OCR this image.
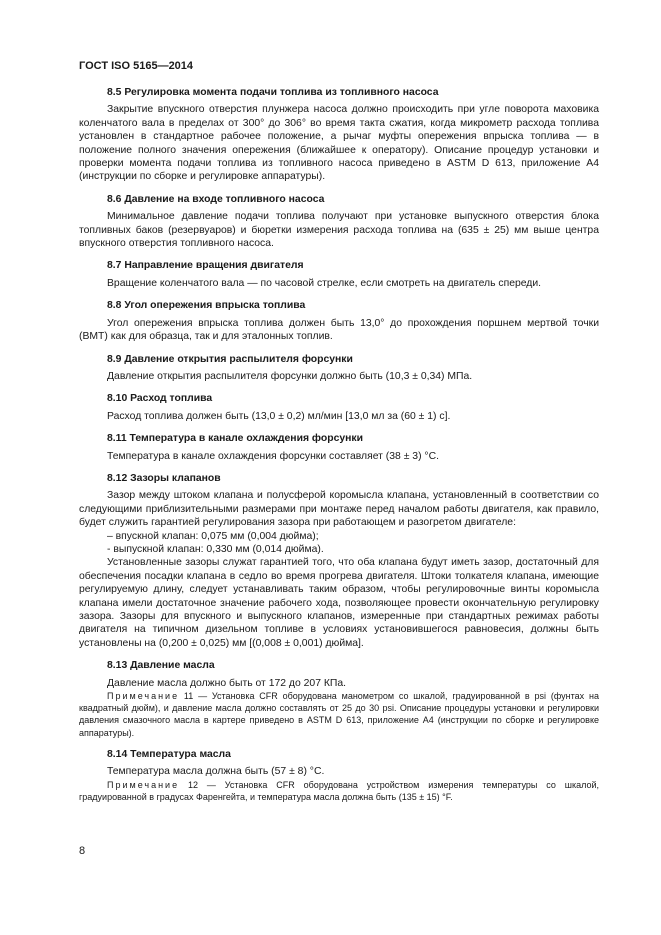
ГОСТ ISO 5165—2014

8.5 Регулировка момента подачи топлива из топливного насоса

Закрытие впускного отверстия плунжера насоса должно происходить при угле поворота маховика коленчатого вала в пределах от 300° до 306° во время такта сжатия, когда микрометр расхода топлива установлен в стандартное рабочее положение, а рычаг муфты опережения впрыска топлива — в положение полного значения опережения (ближайшее к оператору). Описание процедур установки и проверки момента подачи топлива из топливного насоса приведено в ASTM D 613, приложение А4 (инструкции по сборке и регулировке аппаратуры).

8.6 Давление на входе топливного насоса

Минимальное давление подачи топлива получают при установке выпускного отверстия блока топливных баков (резервуаров) и бюретки измерения расхода топлива на (635 ± 25) мм выше центра впускного отверстия топливного насоса.

8.7 Направление вращения двигателя

Вращение коленчатого вала — по часовой стрелке, если смотреть на двигатель спереди.

8.8 Угол опережения впрыска топлива

Угол опережения впрыска топлива должен быть 13,0° до прохождения поршнем мертвой точки (ВМТ) как для образца, так и для эталонных топлив.

8.9 Давление открытия распылителя форсунки

Давление открытия распылителя форсунки должно быть (10,3 ± 0,34) МПа.

8.10 Расход топлива

Расход топлива должен быть (13,0 ± 0,2) мл/мин [13,0 мл за (60 ± 1) с].

8.11 Температура в канале охлаждения форсунки

Температура в канале охлаждения форсунки составляет (38 ± 3) °С.

8.12 Зазоры клапанов

Зазор между штоком клапана и полусферой коромысла клапана, установленный в соответствии со следующими приблизительными размерами при монтаже перед началом работы двигателя, как правило, будет служить гарантией регулирования зазора при работающем и разогретом двигателе:

– впускной клапан: 0,075 мм (0,004 дюйма);

- выпускной клапан: 0,330 мм (0,014 дюйма).

Установленные зазоры служат гарантией того, что оба клапана будут иметь зазор, достаточный для обеспечения посадки клапана в седло во время прогрева двигателя. Штоки толкателя клапана, имеющие регулируемую длину, следует устанавливать таким образом, чтобы регулировочные винты коромысла клапана имели достаточное значение рабочего хода, позволяющее провести окончательную регулировку зазора. Зазоры для впускного и выпускного клапанов, измеренные при стандартных режимах работы двигателя на типичном дизельном топливе в условиях установившегося равновесия, должны быть установлены на (0,200 ± 0,025) мм [(0,008 ± 0,001) дюйма].

8.13 Давление масла

Давление масла должно быть от 172 до 207 КПа.

Примечание 11 — Установка CFR оборудована манометром со шкалой, градуированной в psi (фунтах на квадратный дюйм), и давление масла должно составлять от 25 до 30 psi. Описание процедуры установки и регулировки давления смазочного масла в картере приведено в ASTM D 613, приложение А4 (инструкции по сборке и регулировке аппаратуры).

8.14 Температура масла

Температура масла должна быть (57 ± 8) °С.

Примечание 12 — Установка CFR оборудована устройством измерения температуры со шкалой, градуированной в градусах Фаренгейта, и температура масла должна быть (135 ± 15) °F.

8
